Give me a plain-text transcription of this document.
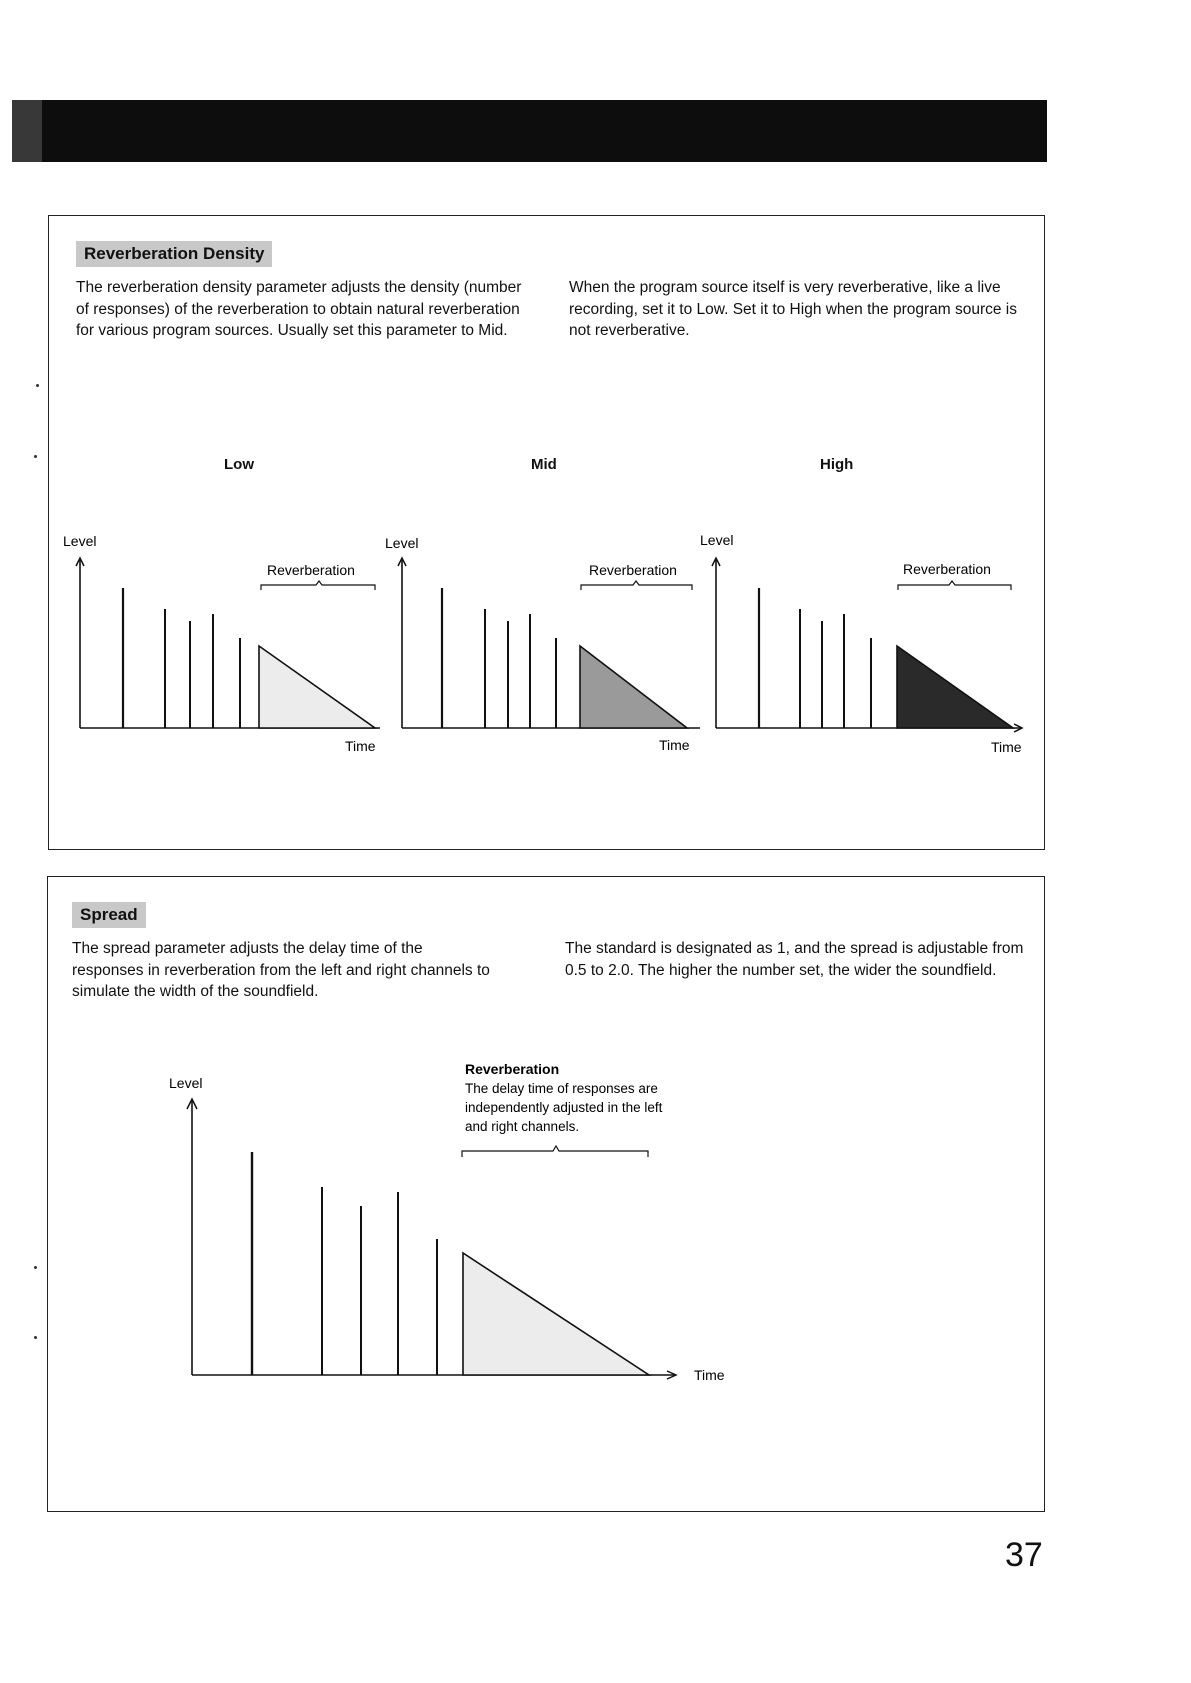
Reverberation Density
The reverberation density parameter adjusts the density (number of responses) of the reverberation to obtain natural reverberation for various program sources. Usually set this parameter to Mid.
When the program source itself is very reverberative, like a live recording, set it to Low. Set it to High when the program source is not reverberative.
Low	Mid	High
Level
Time
Reverberation
Level
Time
Reverberation
Level
Time
Reverberation
Spread
The spread parameter adjusts the delay time of the responses in reverberation from the left and right channels to simulate the width of the soundfield.
The standard is designated as 1, and the spread is adjustable from 0.5 to 2.0. The higher the number set, the wider the soundfield.
Level
Time
Reverberation
The delay time of responses are
independently adjusted in the left
and right channels.
37
